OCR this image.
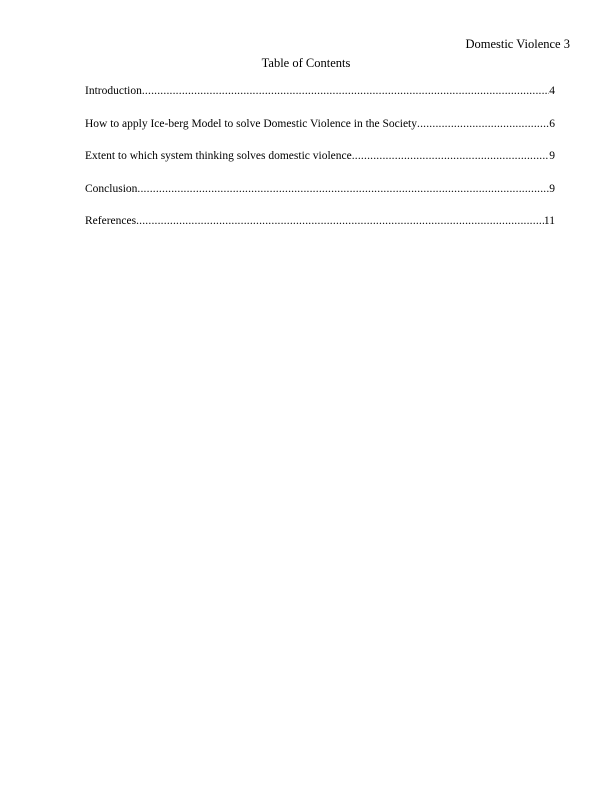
Domestic Violence 3
Table of Contents
Introduction .....	4
How to apply Ice-berg Model to solve Domestic Violence in the Society .....	6
Extent to which system thinking solves domestic violence .....	9
Conclusion .....	9
References .....	11
